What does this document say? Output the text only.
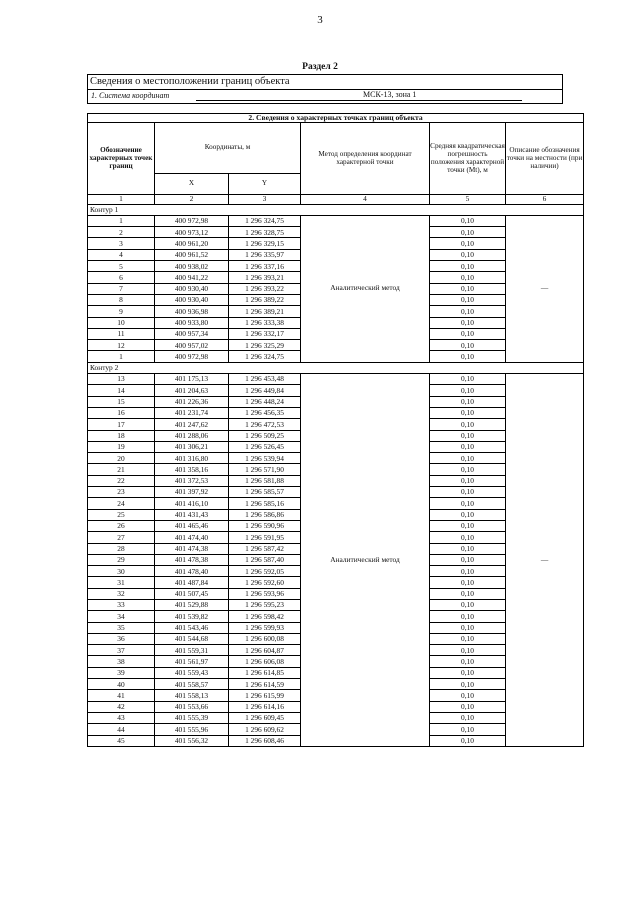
3
Раздел 2
Сведения о местоположении границ объекта

1. Система координат	МСК-13, зона 1
2. Сведения о характерных точках границ объекта					
Обозначение характерных точек границ	Координаты, м		Метод определения координат характерной точки	Средняя квадратическая погрешность положения характерной точки (Mt), м	Описание обозначения точки на местности (при наличии)
	X	Y			
1	2	3	4	5	6
Контур 1					
1	400 972,98	1 296 324,75	Аналитический метод	0,10	—
2	400 973,12	1 296 328,75		0,10	
3	400 961,20	1 296 329,15		0,10	
4	400 961,52	1 296 335,97		0,10	
5	400 938,02	1 296 337,16		0,10	
6	400 941,22	1 296 393,21		0,10	
7	400 930,40	1 296 393,22		0,10	
8	400 930,40	1 296 389,22		0,10	
9	400 936,98	1 296 389,21		0,10	
10	400 933,80	1 296 333,38		0,10	
11	400 957,34	1 296 332,17		0,10	
12	400 957,02	1 296 325,29		0,10	
1	400 972,98	1 296 324,75		0,10	
Контур 2					
13	401 175,13	1 296 453,48	Аналитический метод	0,10	—
14	401 204,63	1 296 449,84		0,10	
15	401 226,36	1 296 448,24		0,10	
16	401 231,74	1 296 456,35		0,10	
17	401 247,62	1 296 472,53		0,10	
18	401 288,06	1 296 509,25		0,10	
19	401 306,21	1 296 526,45		0,10	
20	401 316,80	1 296 539,94		0,10	
21	401 358,16	1 296 571,90		0,10	
22	401 372,53	1 296 581,88		0,10	
23	401 397,92	1 296 585,57		0,10	
24	401 416,10	1 296 585,16		0,10	
25	401 431,43	1 296 586,86		0,10	
26	401 465,46	1 296 590,96		0,10	
27	401 474,40	1 296 591,95		0,10	
28	401 474,38	1 296 587,42		0,10	
29	401 478,38	1 296 587,40		0,10	
30	401 478,40	1 296 592,05		0,10	
31	401 487,84	1 296 592,60		0,10	
32	401 507,45	1 296 593,96		0,10	
33	401 529,88	1 296 595,23		0,10	
34	401 539,82	1 296 598,42		0,10	
35	401 543,46	1 296 599,93		0,10	
36	401 544,68	1 296 600,08		0,10	
37	401 559,31	1 296 604,87		0,10	
38	401 561,97	1 296 606,08		0,10	
39	401 559,43	1 296 614,85		0,10	
40	401 558,57	1 296 614,59		0,10	
41	401 558,13	1 296 615,99		0,10	
42	401 553,66	1 296 614,16		0,10	
43	401 555,39	1 296 609,45		0,10	
44	401 555,96	1 296 609,62		0,10	
45	401 556,32	1 296 608,46		0,10	
